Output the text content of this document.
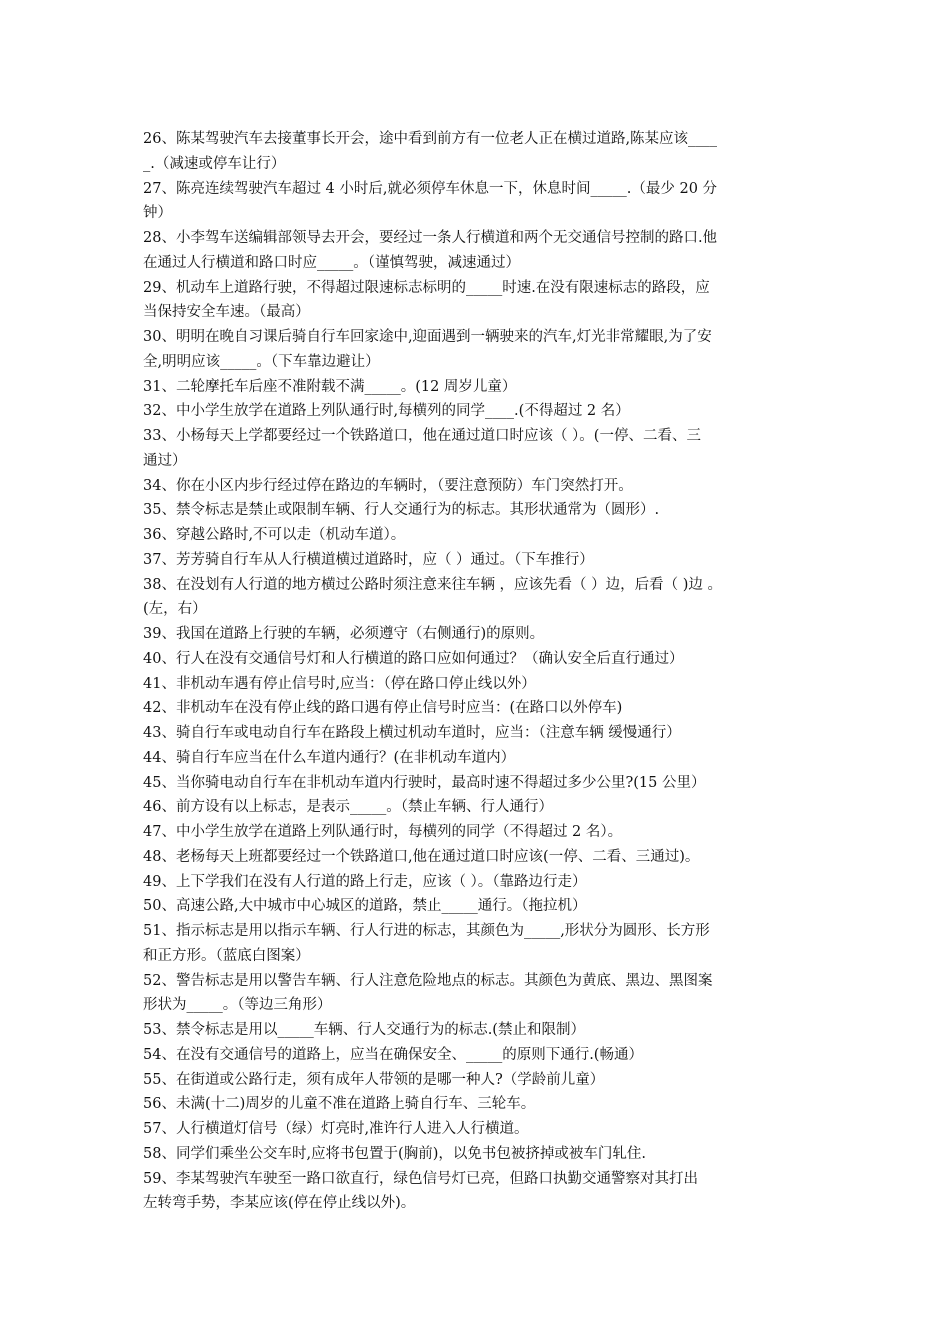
26、陈某驾驶汽车去接董事长开会，途中看到前方有一位老人正在横过道路,陈某应该____
_.（减速或停车让行）
27、陈亮连续驾驶汽车超过 4 小时后,就必须停车休息一下，休息时间_____.（最少 20 分
钟）
28、小李驾车送编辑部领导去开会，要经过一条人行横道和两个无交通信号控制的路口.他
在通过人行横道和路口时应_____。（谨慎驾驶，减速通过）
29、机动车上道路行驶，不得超过限速标志标明的_____时速.在没有限速标志的路段，应
当保持安全车速。（最高）
30、明明在晚自习课后骑自行车回家途中,迎面遇到一辆驶来的汽车,灯光非常耀眼,为了安
全,明明应该_____。（下车靠边避让）
31、二轮摩托车后座不准附载不满_____。(12 周岁儿童）
32、中小学生放学在道路上列队通行时,每横列的同学____.(不得超过 2 名）
33、小杨每天上学都要经过一个铁路道口，他在通过道口时应该（ ）。(一停、二看、三
通过）
34、你在小区内步行经过停在路边的车辆时，（要注意预防）车门突然打开。
35、禁令标志是禁止或限制车辆、行人交通行为的标志。其形状通常为（圆形）.
36、穿越公路时,不可以走（机动车道）。
37、芳芳骑自行车从人行横道横过道路时，应（ ）通过。（下车推行）
38、在没划有人行道的地方横过公路时须注意来往车辆 ，应该先看（ ）边，后看（ )边 。
(左，右）
39、我国在道路上行驶的车辆，必须遵守（右侧通行)的原则。
40、行人在没有交通信号灯和人行横道的路口应如何通过？（确认安全后直行通过）
41、非机动车遇有停止信号时,应当：（停在路口停止线以外）
42、非机动车在没有停止线的路口遇有停止信号时应当：(在路口以外停车)
43、骑自行车或电动自行车在路段上横过机动车道时，应当：（注意车辆 缓慢通行）
44、骑自行车应当在什么车道内通行？(在非机动车道内）
45、当你骑电动自行车在非机动车道内行驶时，最高时速不得超过多少公里?(15 公里）
46、前方设有以上标志，是表示_____。（禁止车辆、行人通行）
47、中小学生放学在道路上列队通行时，每横列的同学（不得超过 2 名）。
48、老杨每天上班都要经过一个铁路道口,他在通过道口时应该(一停、二看、三通过)。
49、上下学我们在没有人行道的路上行走，应该（ ）。（靠路边行走）
50、高速公路,大中城市中心城区的道路，禁止_____通行。（拖拉机）
51、指示标志是用以指示车辆、行人行进的标志，其颜色为_____,形状分为圆形、长方形
和正方形。（蓝底白图案）
52、警告标志是用以警告车辆、行人注意危险地点的标志。其颜色为黄底、黑边、黑图案
形状为_____。（等边三角形）
53、禁令标志是用以_____车辆、行人交通行为的标志.(禁止和限制）
54、在没有交通信号的道路上，应当在确保安全、_____的原则下通行.(畅通）
55、在街道或公路行走，须有成年人带领的是哪一种人?（学龄前儿童）
56、未满(十二)周岁的儿童不准在道路上骑自行车、三轮车。
57、人行横道灯信号（绿）灯亮时,准许行人进入人行横道。
58、同学们乘坐公交车时,应将书包置于(胸前)，以免书包被挤掉或被车门轧住.
59、李某驾驶汽车驶至一路口欲直行，绿色信号灯已亮，但路口执勤交通警察对其打出
左转弯手势，李某应该(停在停止线以外)。
